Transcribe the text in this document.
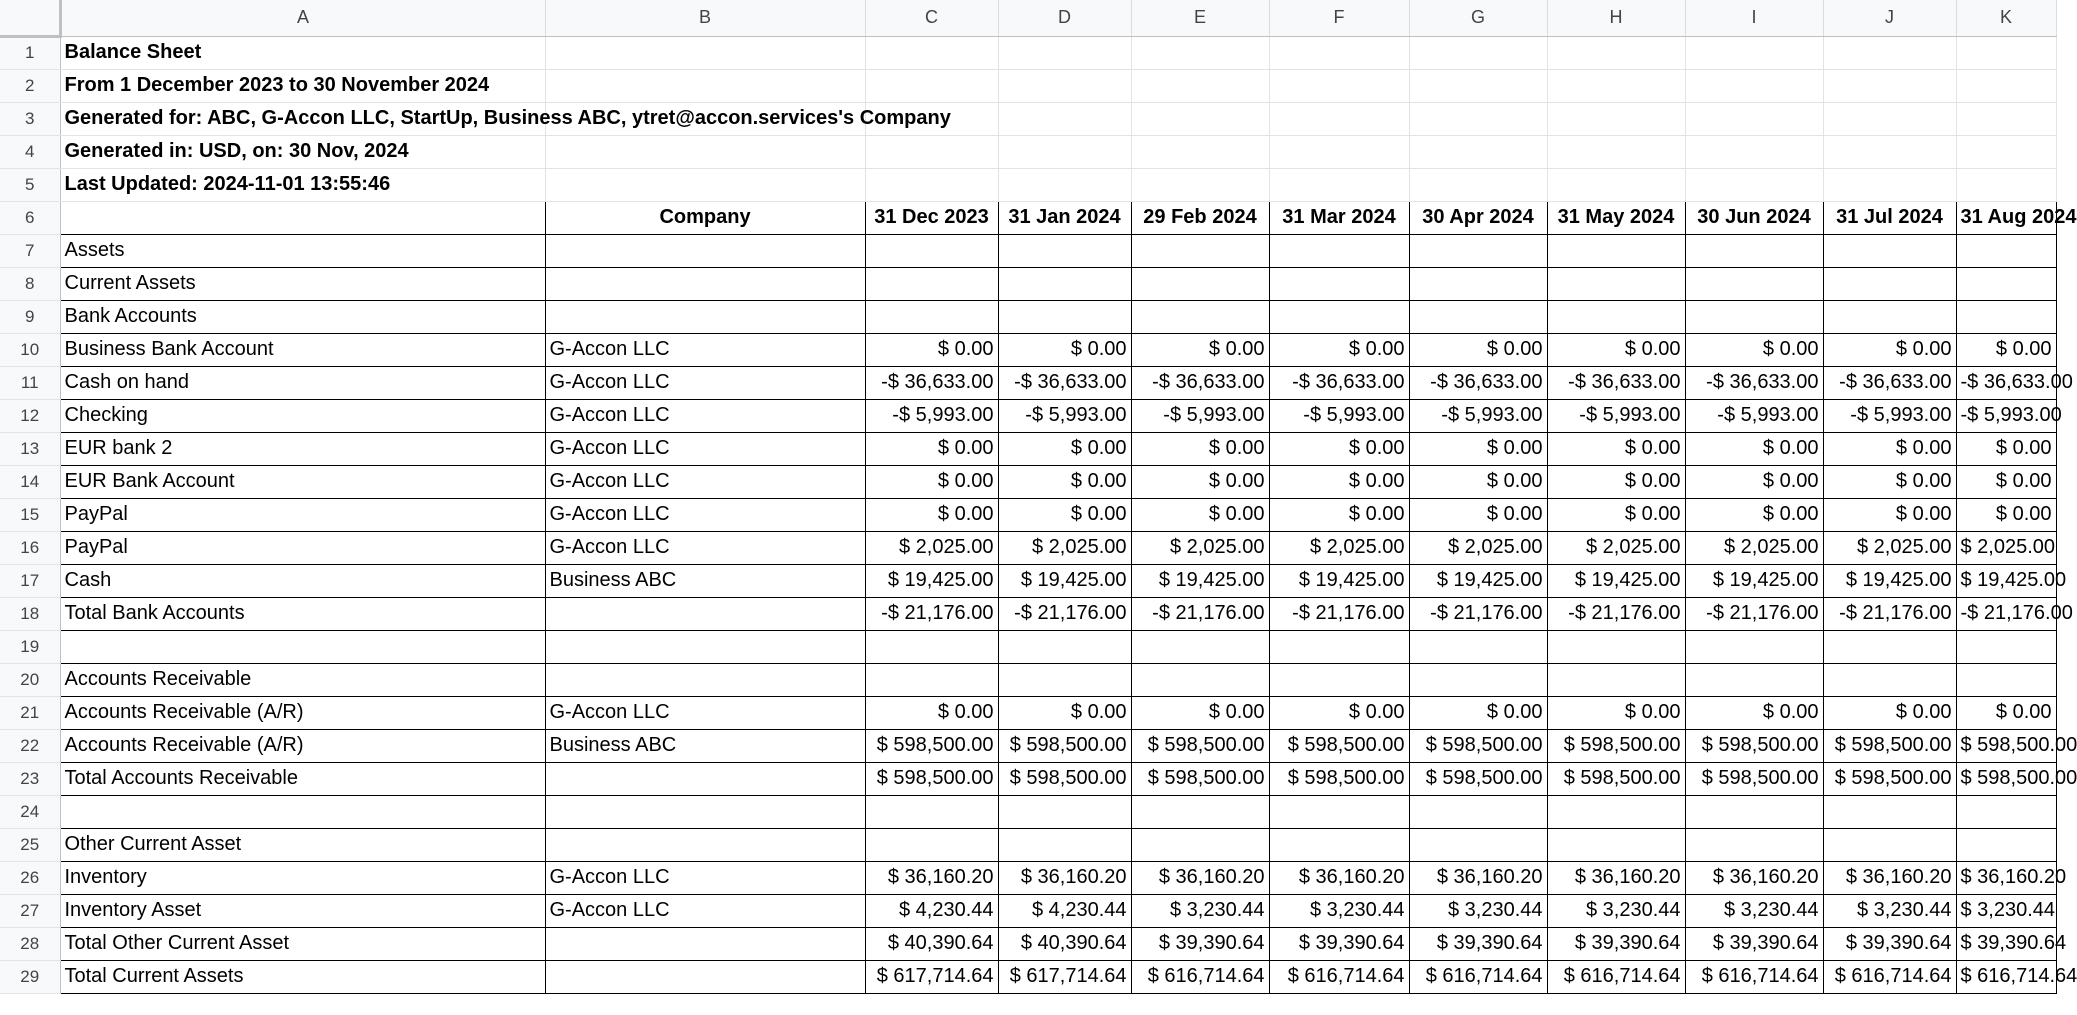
	A	B	C	D	E	F	G	H	I	J	K
1	Balance Sheet										
2	From 1 December 2023 to 30 November 2024										
3	Generated for: ABC, G-Accon LLC, StartUp, Business ABC, ytret@accon.services's Company										
4	Generated in: USD, on: 30 Nov, 2024										
5	Last Updated: 2024-11-01 13:55:46										
6		Company	31 Dec 2023	31 Jan 2024	29 Feb 2024	31 Mar 2024	30 Apr 2024	31 May 2024	30 Jun 2024	31 Jul 2024	31 Aug 2024
7	Assets										
8	Current Assets										
9	Bank Accounts										
10	Business Bank Account	G-Accon LLC	$ 0.00	$ 0.00	$ 0.00	$ 0.00	$ 0.00	$ 0.00	$ 0.00	$ 0.00	$ 0.00
11	Cash on hand	G-Accon LLC	-$ 36,633.00	-$ 36,633.00	-$ 36,633.00	-$ 36,633.00	-$ 36,633.00	-$ 36,633.00	-$ 36,633.00	-$ 36,633.00	-$ 36,633.00
12	Checking	G-Accon LLC	-$ 5,993.00	-$ 5,993.00	-$ 5,993.00	-$ 5,993.00	-$ 5,993.00	-$ 5,993.00	-$ 5,993.00	-$ 5,993.00	-$ 5,993.00
13	EUR bank 2	G-Accon LLC	$ 0.00	$ 0.00	$ 0.00	$ 0.00	$ 0.00	$ 0.00	$ 0.00	$ 0.00	$ 0.00
14	EUR Bank Account	G-Accon LLC	$ 0.00	$ 0.00	$ 0.00	$ 0.00	$ 0.00	$ 0.00	$ 0.00	$ 0.00	$ 0.00
15	PayPal	G-Accon LLC	$ 0.00	$ 0.00	$ 0.00	$ 0.00	$ 0.00	$ 0.00	$ 0.00	$ 0.00	$ 0.00
16	PayPal	G-Accon LLC	$ 2,025.00	$ 2,025.00	$ 2,025.00	$ 2,025.00	$ 2,025.00	$ 2,025.00	$ 2,025.00	$ 2,025.00	$ 2,025.00
17	Cash	Business ABC	$ 19,425.00	$ 19,425.00	$ 19,425.00	$ 19,425.00	$ 19,425.00	$ 19,425.00	$ 19,425.00	$ 19,425.00	$ 19,425.00
18	Total Bank Accounts		-$ 21,176.00	-$ 21,176.00	-$ 21,176.00	-$ 21,176.00	-$ 21,176.00	-$ 21,176.00	-$ 21,176.00	-$ 21,176.00	-$ 21,176.00
19											
20	Accounts Receivable										
21	Accounts Receivable (A/R)	G-Accon LLC	$ 0.00	$ 0.00	$ 0.00	$ 0.00	$ 0.00	$ 0.00	$ 0.00	$ 0.00	$ 0.00
22	Accounts Receivable (A/R)	Business ABC	$ 598,500.00	$ 598,500.00	$ 598,500.00	$ 598,500.00	$ 598,500.00	$ 598,500.00	$ 598,500.00	$ 598,500.00	$ 598,500.00
23	Total Accounts Receivable		$ 598,500.00	$ 598,500.00	$ 598,500.00	$ 598,500.00	$ 598,500.00	$ 598,500.00	$ 598,500.00	$ 598,500.00	$ 598,500.00
24											
25	Other Current Asset										
26	Inventory	G-Accon LLC	$ 36,160.20	$ 36,160.20	$ 36,160.20	$ 36,160.20	$ 36,160.20	$ 36,160.20	$ 36,160.20	$ 36,160.20	$ 36,160.20
27	Inventory Asset	G-Accon LLC	$ 4,230.44	$ 4,230.44	$ 3,230.44	$ 3,230.44	$ 3,230.44	$ 3,230.44	$ 3,230.44	$ 3,230.44	$ 3,230.44
28	Total Other Current Asset		$ 40,390.64	$ 40,390.64	$ 39,390.64	$ 39,390.64	$ 39,390.64	$ 39,390.64	$ 39,390.64	$ 39,390.64	$ 39,390.64
29	Total Current Assets		$ 617,714.64	$ 617,714.64	$ 616,714.64	$ 616,714.64	$ 616,714.64	$ 616,714.64	$ 616,714.64	$ 616,714.64	$ 616,714.64
